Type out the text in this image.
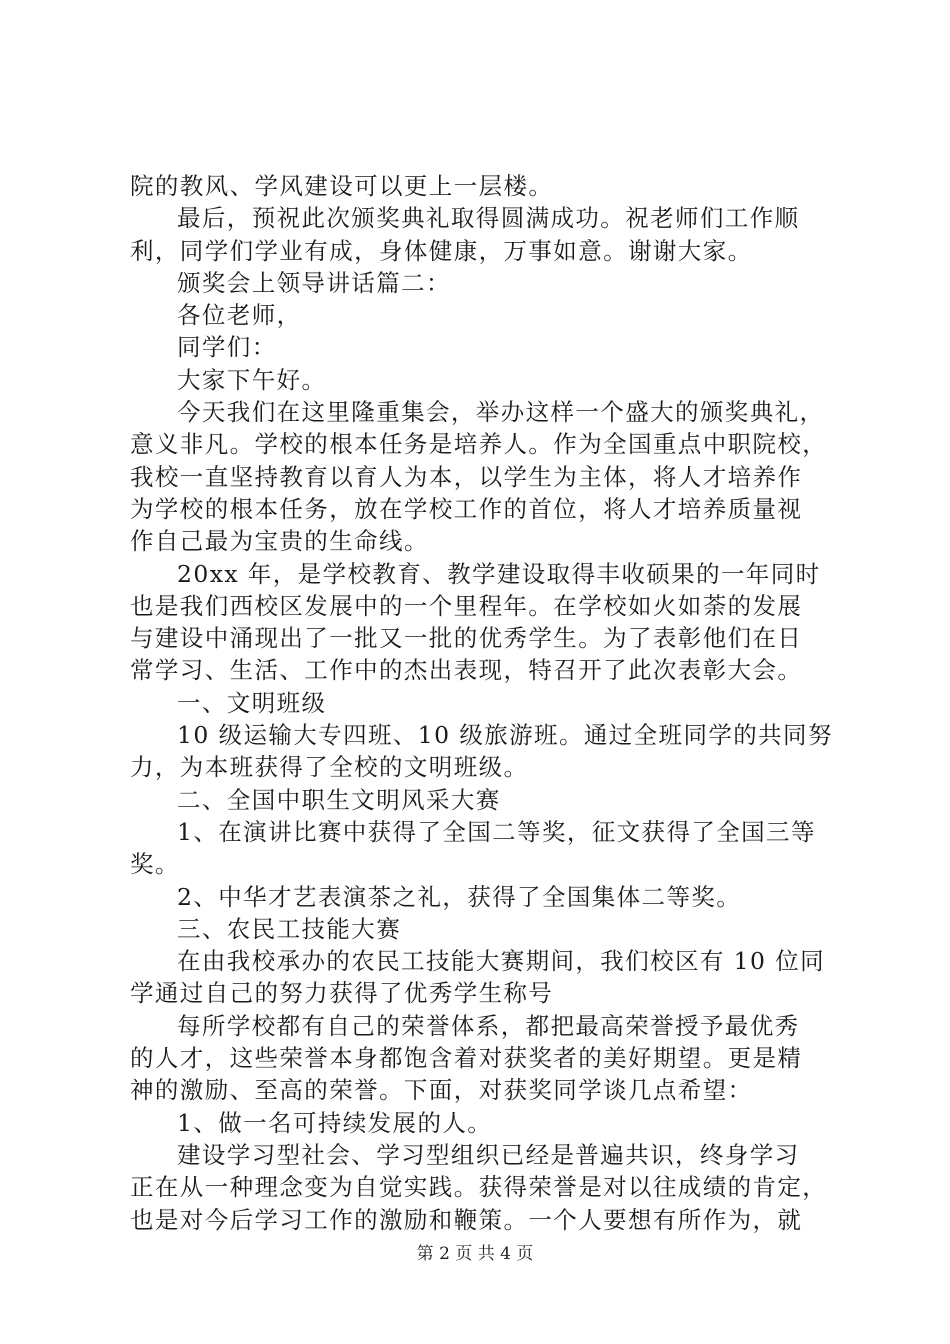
院的教风、学风建设可以更上一层楼。
最后，预祝此次颁奖典礼取得圆满成功。祝老师们工作顺
利，同学们学业有成，身体健康，万事如意。谢谢大家。
颁奖会上领导讲话篇二：
各位老师，
同学们：
大家下午好。
今天我们在这里隆重集会，举办这样一个盛大的颁奖典礼，
意义非凡。学校的根本任务是培养人。作为全国重点中职院校，
我校一直坚持教育以育人为本，以学生为主体，将人才培养作
为学校的根本任务，放在学校工作的首位，将人才培养质量视
作自己最为宝贵的生命线。
20xx 年，是学校教育、教学建设取得丰收硕果的一年同时
也是我们西校区发展中的一个里程年。在学校如火如荼的发展
与建设中涌现出了一批又一批的优秀学生。为了表彰他们在日
常学习、生活、工作中的杰出表现，特召开了此次表彰大会。
一、文明班级
10 级运输大专四班、10 级旅游班。通过全班同学的共同努
力，为本班获得了全校的文明班级。
二、全国中职生文明风采大赛
1、在演讲比赛中获得了全国二等奖，征文获得了全国三等
奖。
2、中华才艺表演茶之礼，获得了全国集体二等奖。
三、农民工技能大赛
在由我校承办的农民工技能大赛期间，我们校区有 10 位同
学通过自己的努力获得了优秀学生称号
每所学校都有自己的荣誉体系，都把最高荣誉授予最优秀
的人才，这些荣誉本身都饱含着对获奖者的美好期望。更是精
神的激励、至高的荣誉。下面，对获奖同学谈几点希望：
1、做一名可持续发展的人。
建设学习型社会、学习型组织已经是普遍共识，终身学习
正在从一种理念变为自觉实践。获得荣誉是对以往成绩的肯定，
也是对今后学习工作的激励和鞭策。一个人要想有所作为，就
第 2 页 共 4 页
